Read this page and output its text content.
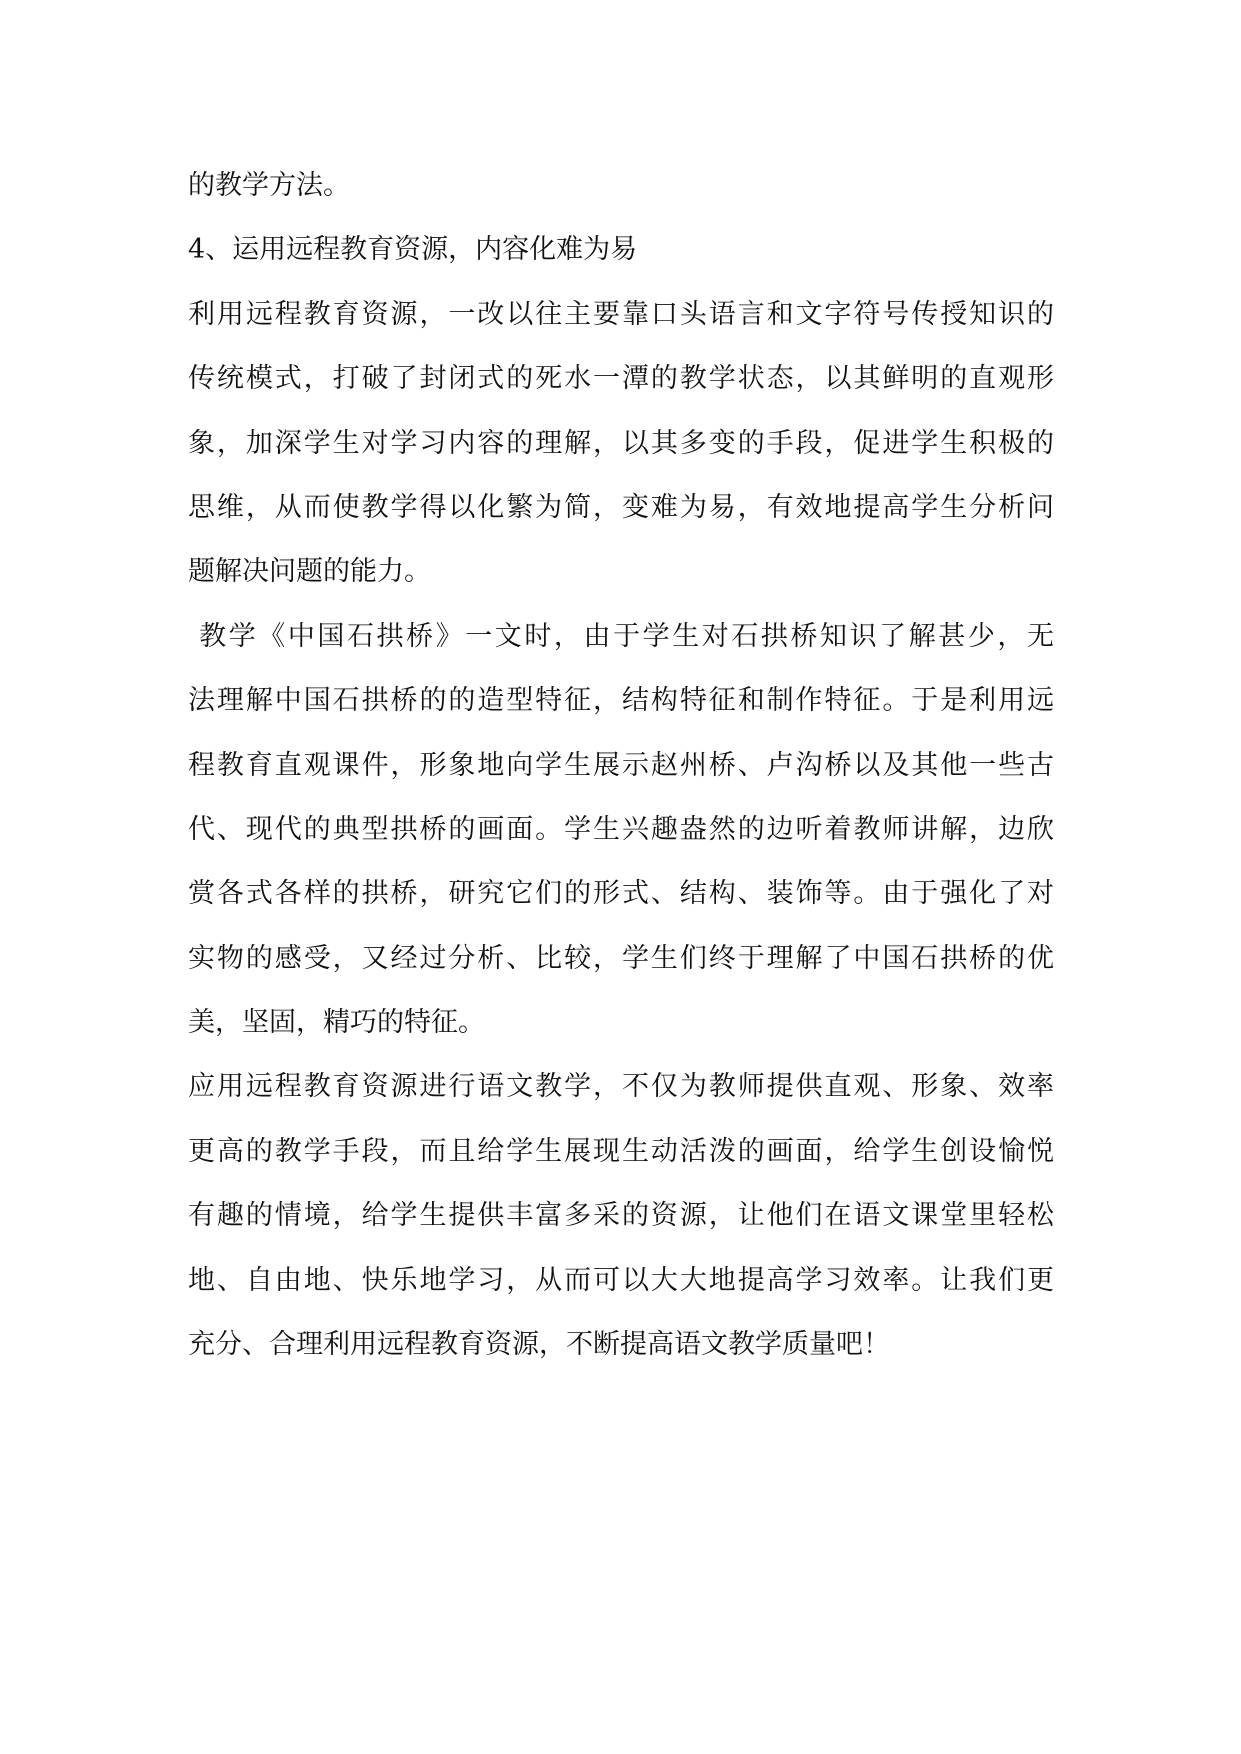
的教学方法。
4、运用远程教育资源，内容化难为易
利用远程教育资源，一改以往主要靠口头语言和文字符号传授知识的
传统模式，打破了封闭式的死水一潭的教学状态，以其鲜明的直观形
象，加深学生对学习内容的理解，以其多变的手段，促进学生积极的
思维，从而使教学得以化繁为简，变难为易，有效地提高学生分析问
题解决问题的能力。
教学《中国石拱桥》一文时，由于学生对石拱桥知识了解甚少，无
法理解中国石拱桥的的造型特征，结构特征和制作特征。于是利用远
程教育直观课件，形象地向学生展示赵州桥、卢沟桥以及其他一些古
代、现代的典型拱桥的画面。学生兴趣盎然的边听着教师讲解，边欣
赏各式各样的拱桥，研究它们的形式、结构、装饰等。由于强化了对
实物的感受，又经过分析、比较，学生们终于理解了中国石拱桥的优
美，坚固，精巧的特征。
应用远程教育资源进行语文教学，不仅为教师提供直观、形象、效率
更高的教学手段，而且给学生展现生动活泼的画面，给学生创设愉悦
有趣的情境，给学生提供丰富多采的资源，让他们在语文课堂里轻松
地、自由地、快乐地学习，从而可以大大地提高学习效率。让我们更
充分、合理利用远程教育资源，不断提高语文教学质量吧！
